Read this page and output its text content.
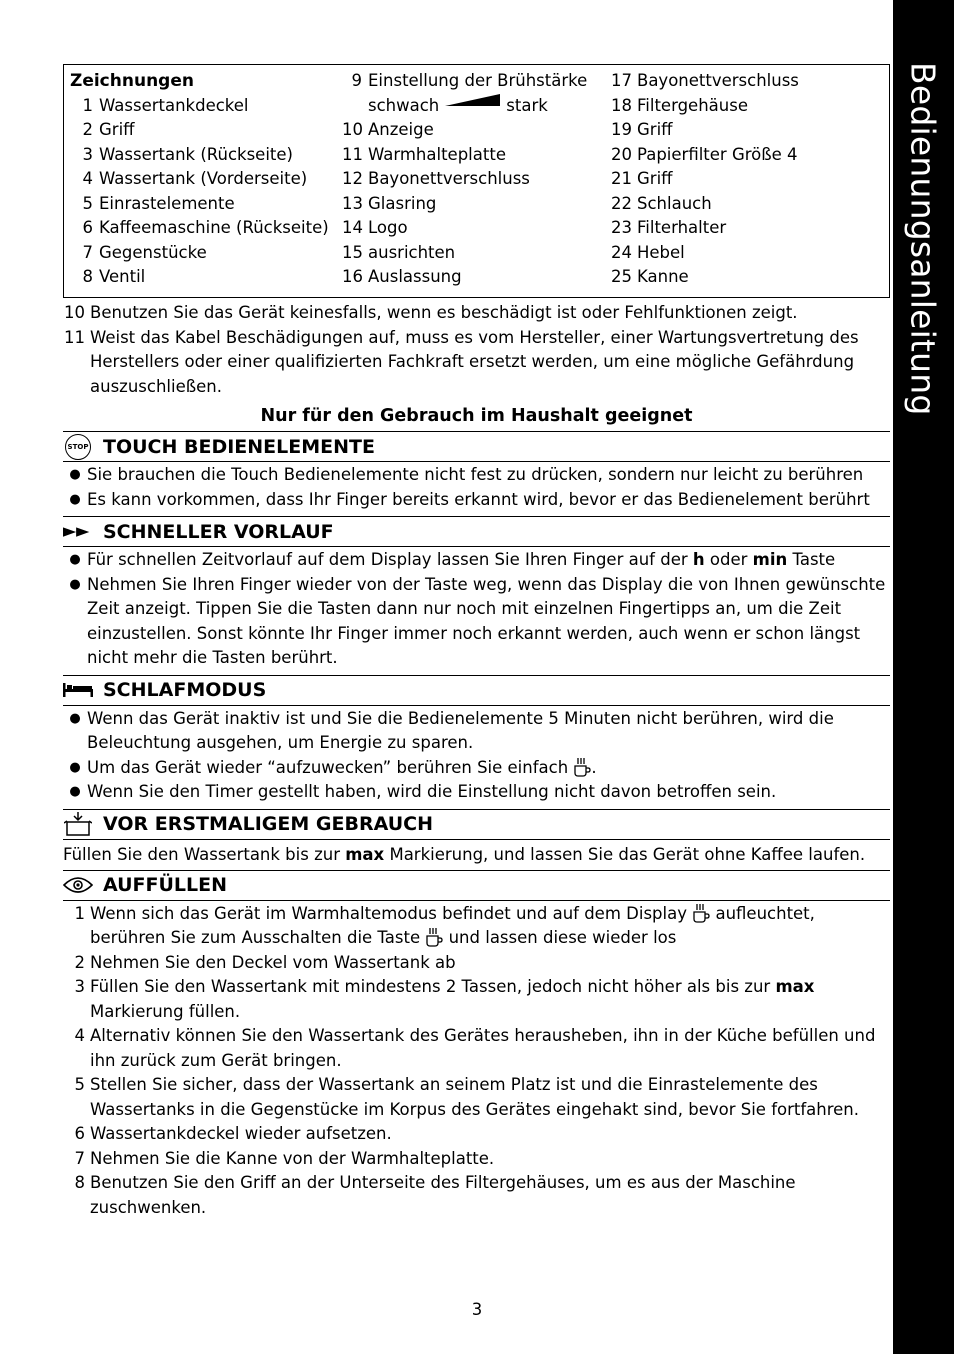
Bedienungsanleitung
Zeichnungen
1 Wassertankdeckel
2 Griff
3 Wassertank (Rückseite)
4 Wassertank (Vorderseite)
5 Einrastelemente
6 Kaffeemaschine (Rückseite)
7 Gegenstücke
8 Ventil
9 Einstellung der Brühstärke
schwach	stark
10 Anzeige
11 Warmhalteplatte
12 Bayonettverschluss
13 Glasring
14 Logo
15 ausrichten
16 Auslassung
17 Bayonettverschluss
18 Filtergehäuse
19 Griff
20 Papierfilter Größe 4
21 Griff
22 Schlauch
23 Filterhalter
24 Hebel
25 Kanne
10 Benutzen Sie das Gerät keinesfalls, wenn es beschädigt ist oder Fehlfunktionen zeigt.
11 Weist das Kabel Beschädigungen auf, muss es vom Hersteller, einer Wartungsvertretung des Herstellers oder einer qualifizierten Fachkraft ersetzt werden, um eine mögliche Gefährdung auszuschließen.
Nur für den Gebrauch im Haushalt geeignet
STOP TOUCH BEDIENELEMENTE
● Sie brauchen die Touch Bedienelemente nicht fest zu drücken, sondern nur leicht zu berühren
● Es kann vorkommen, dass Ihr Finger bereits erkannt wird, bevor er das Bedienelement berührt
SCHNELLER VORLAUF
● Für schnellen Zeitvorlauf auf dem Display lassen Sie Ihren Finger auf der h oder min Taste
● Nehmen Sie Ihren Finger wieder von der Taste weg, wenn das Display die von Ihnen gewünschte Zeit anzeigt. Tippen Sie die Tasten dann nur noch mit einzelnen Fingertipps an, um die Zeit einzustellen. Sonst könnte Ihr Finger immer noch erkannt werden, auch wenn er schon längst nicht mehr die Tasten berührt.
SCHLAFMODUS
● Wenn das Gerät inaktiv ist und Sie die Bedienelemente 5 Minuten nicht berühren, wird die Beleuchtung ausgehen, um Energie zu sparen.
● Um das Gerät wieder “aufzuwecken” berühren Sie einfach .
● Wenn Sie den Timer gestellt haben, wird die Einstellung nicht davon betroffen sein.
VOR ERSTMALIGEM GEBRAUCH
Füllen Sie den Wassertank bis zur max Markierung, und lassen Sie das Gerät ohne Kaffee laufen.
AUFFÜLLEN
1 Wenn sich das Gerät im Warmhaltemodus befindet und auf dem Display  aufleuchtet, berühren Sie zum Ausschalten die Taste  und lassen diese wieder los
2 Nehmen Sie den Deckel vom Wassertank ab
3 Füllen Sie den Wassertank mit mindestens 2 Tassen, jedoch nicht höher als bis zur max Markierung füllen.
4 Alternativ können Sie den Wassertank des Gerätes herausheben, ihn in der Küche befüllen und ihn zurück zum Gerät bringen.
5 Stellen Sie sicher, dass der Wassertank an seinem Platz ist und die Einrastelemente des Wassertanks in die Gegenstücke im Korpus des Gerätes eingehakt sind, bevor Sie fortfahren.
6 Wassertankdeckel wieder aufsetzen.
7 Nehmen Sie die Kanne von der Warmhalteplatte.
8 Benutzen Sie den Griff an der Unterseite des Filtergehäuses, um es aus der Maschine zuschwenken.
3
